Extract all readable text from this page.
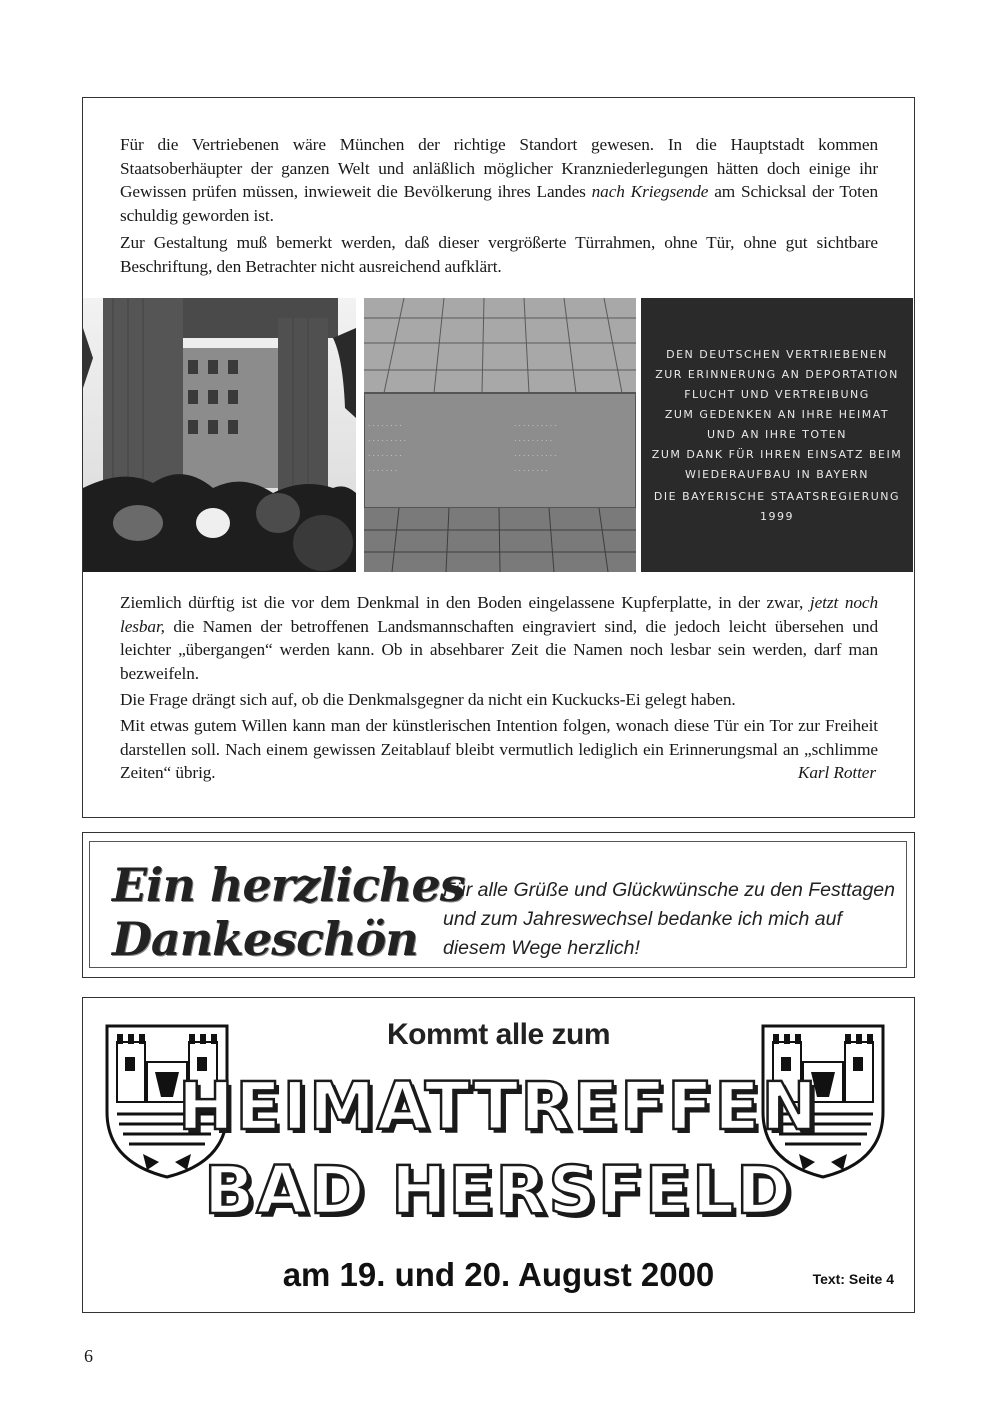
Für die Vertriebenen wäre München der richtige Standort gewesen. In die Hauptstadt kommen Staatsoberhäupter der ganzen Welt und anläßlich möglicher Kranzniederlegungen hätten doch einige ihr Gewissen prüfen müssen, inwieweit die Bevölkerung ihres Landes nach Kriegsende am Schicksal der Toten schuldig geworden ist.

Zur Gestaltung muß bemerkt werden, daß dieser vergrößerte Türrahmen, ohne Tür, ohne gut sichtbare Beschriftung, den Betrachter nicht ausreichend aufklärt.

· · · · · · · ·
· · · · · · · · ·
· · · · · · · ·
· · · · · · ·
· · · · · · · · · ·
· · · · · · · · ·
· · · · · · · · · ·
· · · · · · · ·
DEN DEUTSCHEN VERTRIEBENEN
ZUR ERINNERUNG AN DEPORTATION
FLUCHT UND VERTREIBUNG
ZUM GEDENKEN AN IHRE HEIMAT
UND AN IHRE TOTEN
ZUM DANK FÜR IHREN EINSATZ BEIM
WIEDERAUFBAU IN BAYERN
DIE BAYERISCHE STAATSREGIERUNG
1999

Ziemlich dürftig ist die vor dem Denkmal in den Boden eingelassene Kupferplatte, in der zwar, jetzt noch lesbar, die Namen der betroffenen Landsmannschaften eingraviert sind, die jedoch leicht übersehen und leichter „übergangen“ werden kann. Ob in absehbarer Zeit die Namen noch lesbar sein werden, darf man bezweifeln.

Die Frage drängt sich auf, ob die Denkmalsgegner da nicht ein Kuckucks-Ei gelegt haben.

Mit etwas gutem Willen kann man der künstlerischen Intention folgen, wonach diese Tür ein Tor zur Freiheit darstellen soll. Nach einem gewissen Zeitablauf bleibt vermutlich lediglich ein Erinnerungsmal an „schlimme Zeiten“ übrig.	Karl Rotter

Ein herzliches
Dankeschön
Für alle Grüße und Glückwünsche zu den Festtagen und zum Jahreswechsel bedanke ich mich auf diesem Wege herzlich!
Kommt alle zum
HEIMATTREFFEN
BAD HERSFELD
am 19. und 20. August 2000	Text: Seite 4
6
